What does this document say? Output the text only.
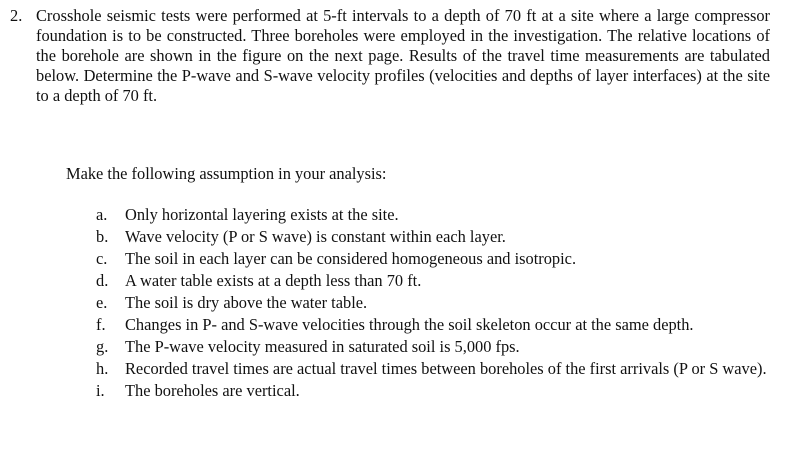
2. Crosshole seismic tests were performed at 5-ft intervals to a depth of 70 ft at a site where a large compressor foundation is to be constructed. Three boreholes were employed in the investigation. The relative locations of the borehole are shown in the figure on the next page. Results of the travel time measurements are tabulated below. Determine the P-wave and S-wave velocity profiles (velocities and depths of layer interfaces) at the site to a depth of 70 ft.
Make the following assumption in your analysis:
a.	Only horizontal layering exists at the site.
b.	Wave velocity (P or S wave) is constant within each layer.
c.	The soil in each layer can be considered homogeneous and isotropic.
d.	A water table exists at a depth less than 70 ft.
e.	The soil is dry above the water table.
f.	Changes in P- and S-wave velocities through the soil skeleton occur at the same depth.
g.	The P-wave velocity measured in saturated soil is 5,000 fps.
h.	Recorded travel times are actual travel times between boreholes of the first arrivals (P or S wave).
i.	The boreholes are vertical.
